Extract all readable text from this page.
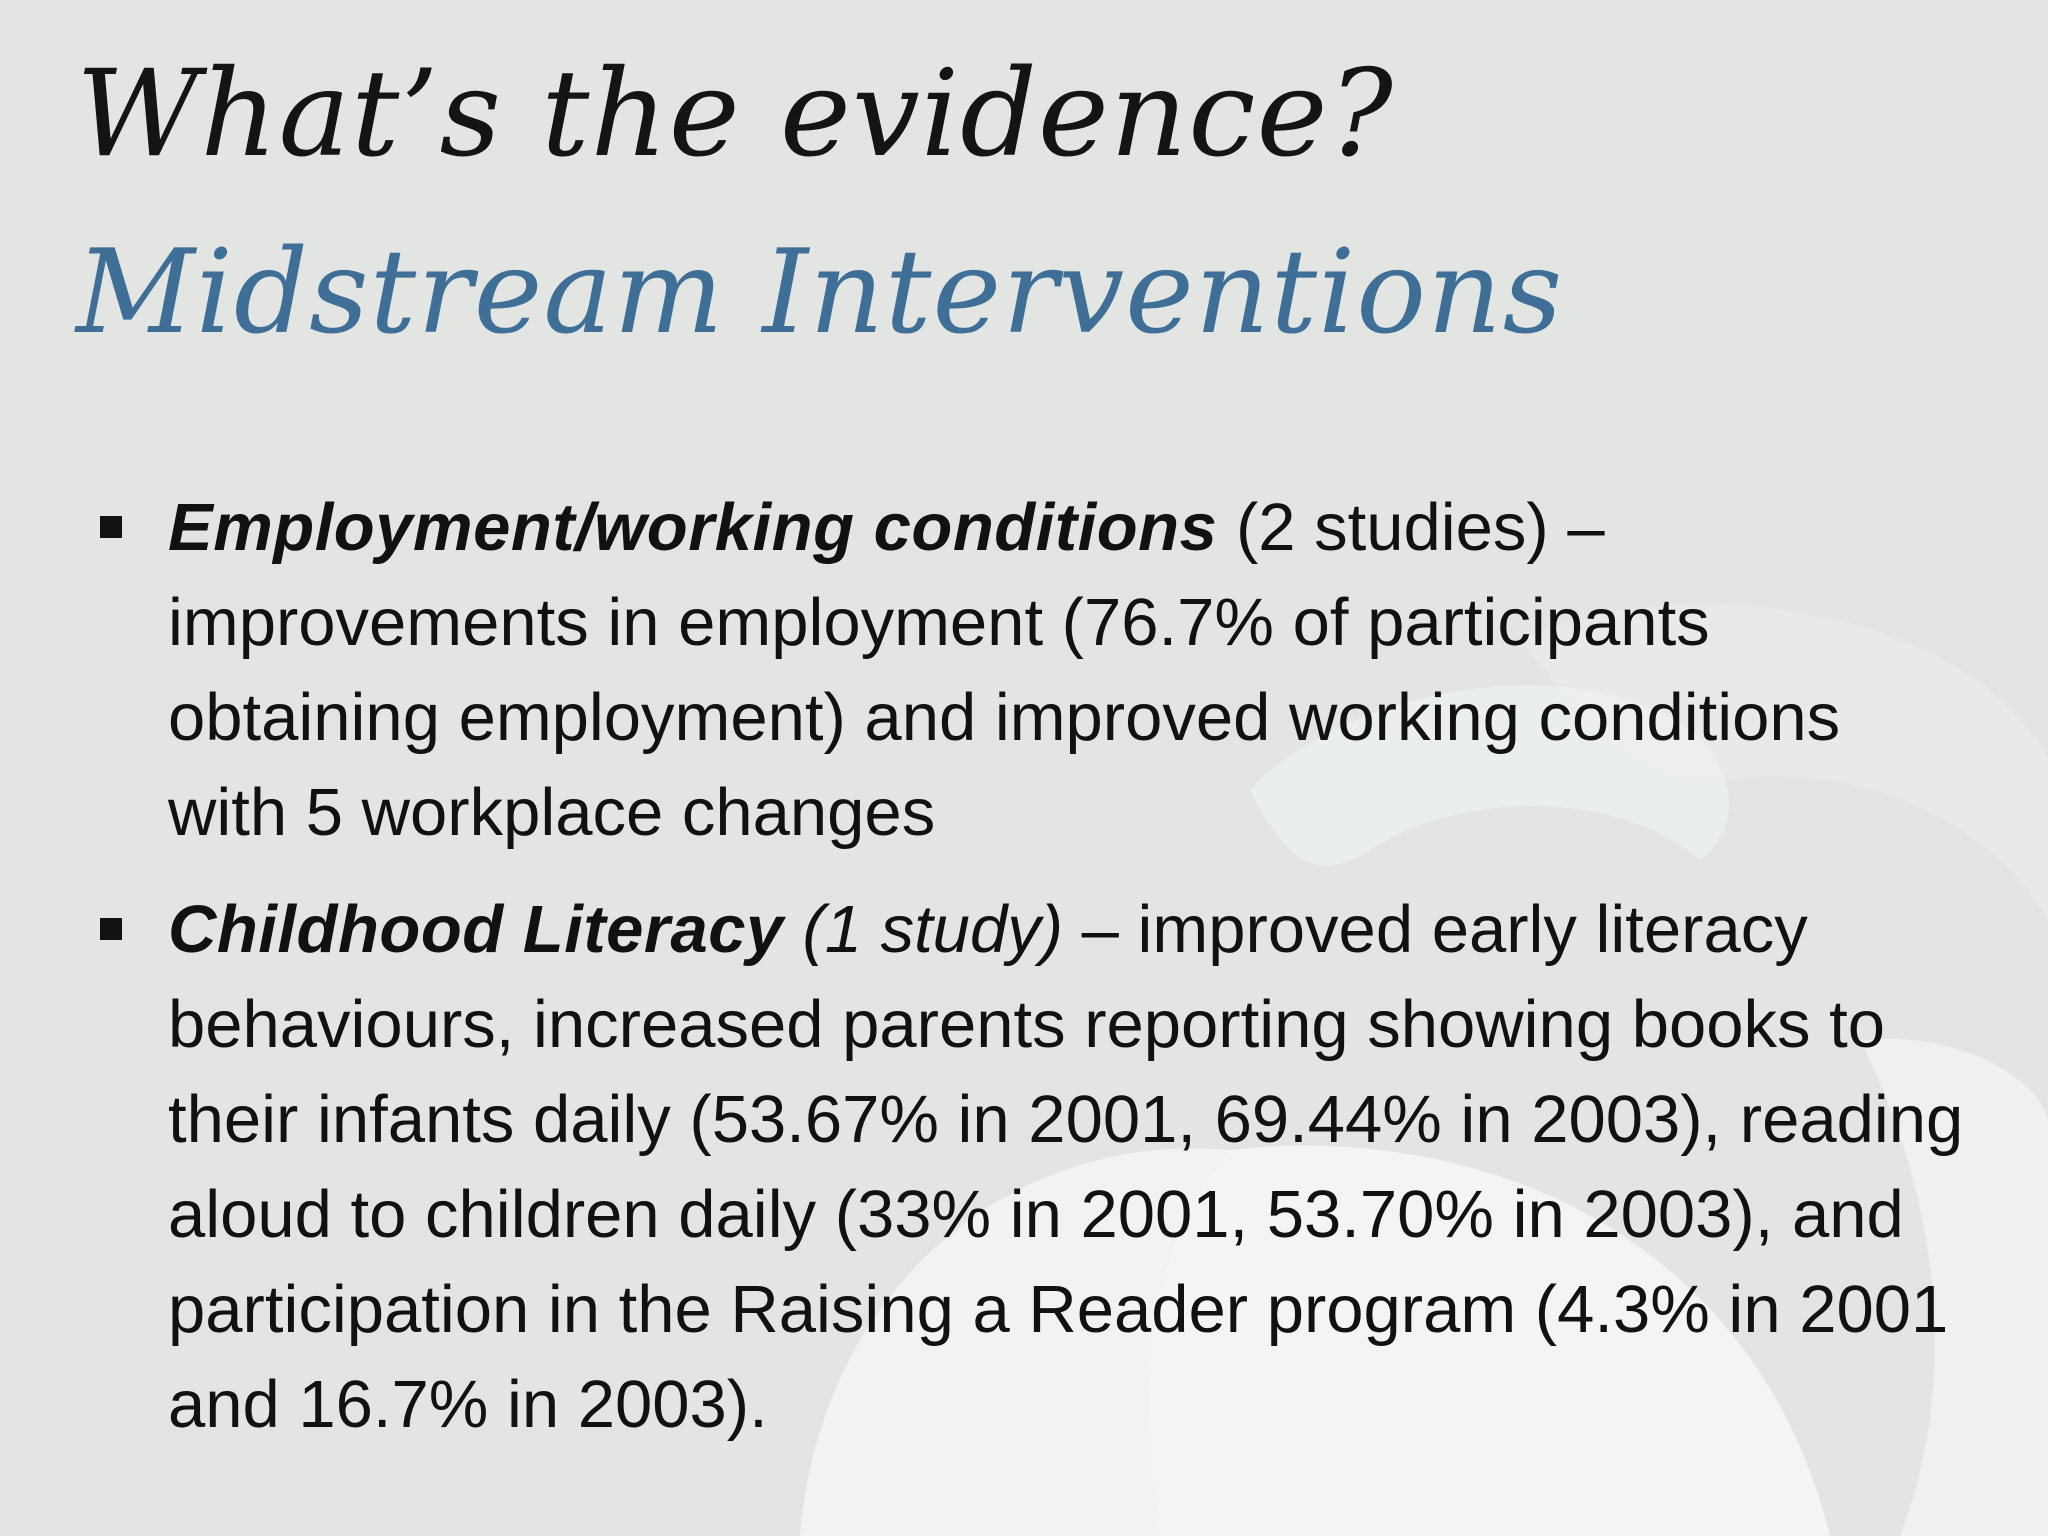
What’s the evidence?
Midstream Interventions
Employment/working conditions (2 studies) – improvements in employment (76.7% of participants obtaining employment) and improved working conditions with 5 workplace changes
Childhood Literacy (1 study) – improved early literacy behaviours, increased parents reporting showing books to their infants daily (53.67% in 2001, 69.44% in 2003), reading aloud to children daily (33% in 2001, 53.70% in 2003), and participation in the Raising a Reader program (4.3% in 2001 and 16.7% in 2003).
